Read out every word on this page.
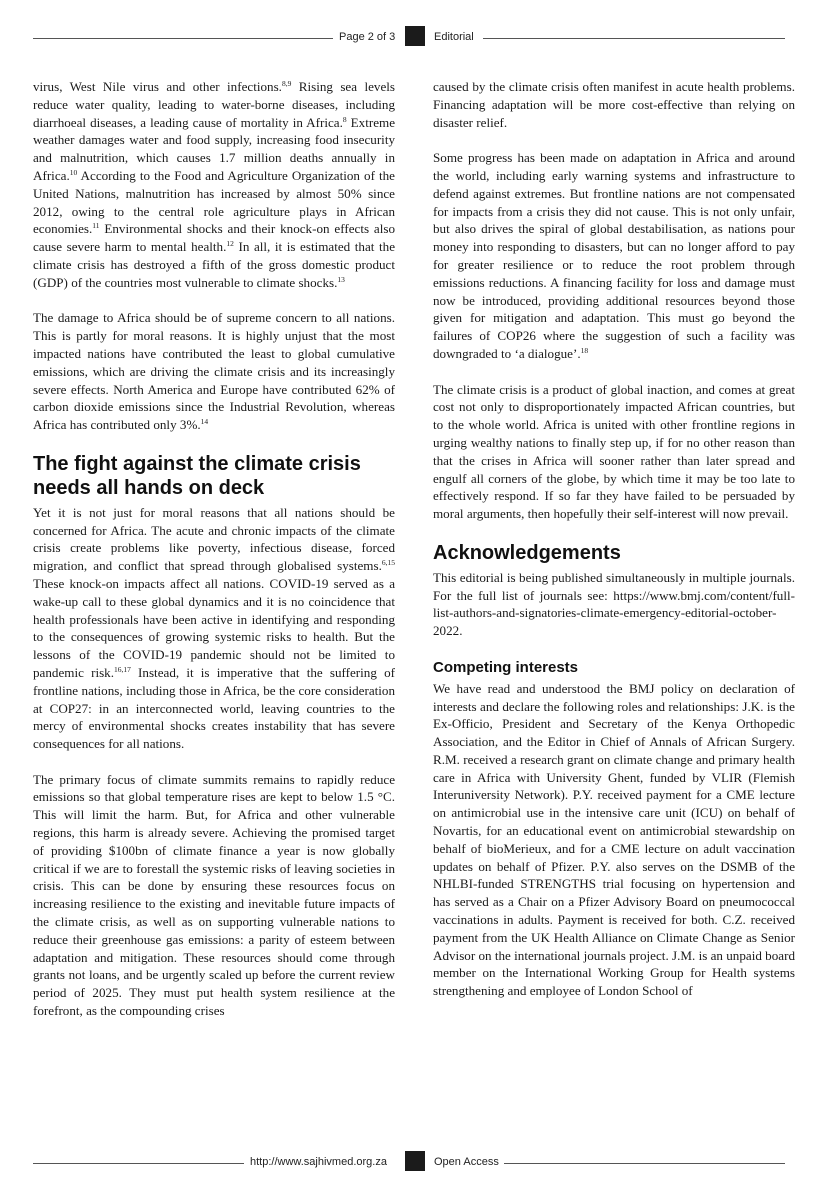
Page 2 of 3	Editorial

virus, West Nile virus and other infections.$^{8,9}$ Rising sea levels reduce water quality, leading to water-borne diseases, including diarrhoeal diseases, a leading cause of mortality in Africa.$^8$ Extreme weather damages water and food supply, increasing food insecurity and malnutrition, which causes 1.7 million deaths annually in Africa.$^{10}$ According to the Food and Agriculture Organization of the United Nations, malnutrition has increased by almost 50% since 2012, owing to the central role agriculture plays in African economies.$^{11}$ Environmental shocks and their knock-on effects also cause severe harm to mental health.$^{12}$ In all, it is estimated that the climate crisis has destroyed a fifth of the gross domestic product (GDP) of the countries most vulnerable to climate shocks.$^{13}$

The damage to Africa should be of supreme concern to all nations. This is partly for moral reasons. It is highly unjust that the most impacted nations have contributed the least to global cumulative emissions, which are driving the climate crisis and its increasingly severe effects. North America and Europe have contributed 62% of carbon dioxide emissions since the Industrial Revolution, whereas Africa has contributed only 3%.$^{14}$

The fight against the climate crisis needs all hands on deck

Yet it is not just for moral reasons that all nations should be concerned for Africa. The acute and chronic impacts of the climate crisis create problems like poverty, infectious disease, forced migration, and conflict that spread through globalised systems.$^{6,15}$ These knock-on impacts affect all nations. COVID-19 served as a wake-up call to these global dynamics and it is no coincidence that health professionals have been active in identifying and responding to the consequences of growing systemic risks to health. But the lessons of the COVID-19 pandemic should not be limited to pandemic risk.$^{16,17}$ Instead, it is imperative that the suffering of frontline nations, including those in Africa, be the core consideration at COP27: in an interconnected world, leaving countries to the mercy of environmental shocks creates instability that has severe consequences for all nations.

The primary focus of climate summits remains to rapidly reduce emissions so that global temperature rises are kept to below 1.5 °C. This will limit the harm. But, for Africa and other vulnerable regions, this harm is already severe. Achieving the promised target of providing $100bn of climate finance a year is now globally critical if we are to forestall the systemic risks of leaving societies in crisis. This can be done by ensuring these resources focus on increasing resilience to the existing and inevitable future impacts of the climate crisis, as well as on supporting vulnerable nations to reduce their greenhouse gas emissions: a parity of esteem between adaptation and mitigation. These resources should come through grants not loans, and be urgently scaled up before the current review period of 2025. They must put health system resilience at the forefront, as the compounding crises

caused by the climate crisis often manifest in acute health problems. Financing adaptation will be more cost-effective than relying on disaster relief.

Some progress has been made on adaptation in Africa and around the world, including early warning systems and infrastructure to defend against extremes. But frontline nations are not compensated for impacts from a crisis they did not cause. This is not only unfair, but also drives the spiral of global destabilisation, as nations pour money into responding to disasters, but can no longer afford to pay for greater resilience or to reduce the root problem through emissions reductions. A financing facility for loss and damage must now be introduced, providing additional resources beyond those given for mitigation and adaptation. This must go beyond the failures of COP26 where the suggestion of such a facility was downgraded to ‘a dialogue’.$^{18}$

The climate crisis is a product of global inaction, and comes at great cost not only to disproportionately impacted African countries, but to the whole world. Africa is united with other frontline regions in urging wealthy nations to finally step up, if for no other reason than that the crises in Africa will sooner rather than later spread and engulf all corners of the globe, by which time it may be too late to effectively respond. If so far they have failed to be persuaded by moral arguments, then hopefully their self-interest will now prevail.

Acknowledgements

This editorial is being published simultaneously in multiple journals. For the full list of journals see: https://www.bmj.com/content/full-list-authors-and-signatories-climate-emergency-editorial-october-2022.

Competing interests

We have read and understood the BMJ policy on declaration of interests and declare the following roles and relationships: J.K. is the Ex-Officio, President and Secretary of the Kenya Orthopedic Association, and the Editor in Chief of Annals of African Surgery. R.M. received a research grant on climate change and primary health care in Africa with University Ghent, funded by VLIR (Flemish Interuniversity Network). P.Y. received payment for a CME lecture on antimicrobial use in the intensive care unit (ICU) on behalf of Novartis, for an educational event on antimicrobial stewardship on behalf of bioMerieux, and for a CME lecture on adult vaccination updates on behalf of Pfizer. P.Y. also serves on the DSMB of the NHLBI-funded STRENGTHS trial focusing on hypertension and has served as a Chair on a Pfizer Advisory Board on pneumococcal vaccinations in adults. Payment is received for both. C.Z. received payment from the UK Health Alliance on Climate Change as Senior Advisor on the international journals project. J.M. is an unpaid board member on the International Working Group for Health systems strengthening and employee of London School of

http://www.sajhivmed.org.za	Open Access
